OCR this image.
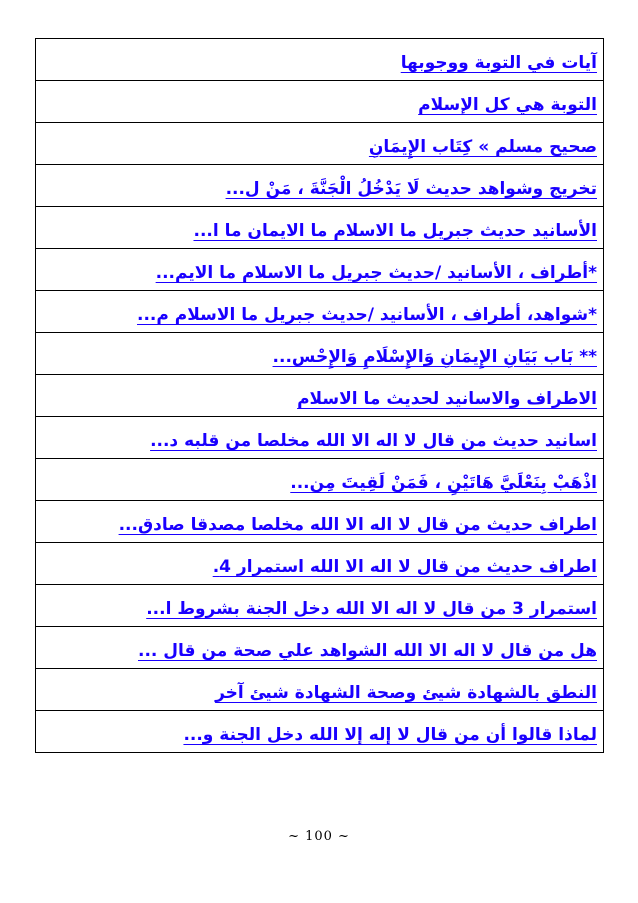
آيات في التوبة ووجوبها
التوبة هي كل الإسلام
صحيح مسلم » كِتَاب الإِيمَانِ
تخريج وشواهد حديث لَا يَدْخُلُ الْجَنَّةَ ، مَنْ ل...
الأسانيد حديث جبريل ما الاسلام ما الايمان ما ا...
*أطراف ، الأسانيد /حديث جبريل ما الاسلام ما الايم...
*شواهد، أطراف ، الأسانيد /حديث جبريل ما الاسلام م...
** بَاب بَيَانِ الإِيمَانِ وَالإِسْلَامِ وَالإِحْس...
الاطراف والاسانيد لحديث ما الاسلام
اسانيد حديث من قال لا اله الا الله مخلصا من قلبه د...
اذْهَبْ بِنَعْلَيَّ هَاتَيْنِ ، فَمَنْ لَقِيتَ مِن...
اطراف حديث من قال لا اله الا الله مخلصا مصدقا صادق...
اطراف حديث من قال لا اله الا الله استمرار 4.
استمرار 3 من قال لا اله الا الله دخل الجنة بشروط ا...
هل من قال لا اله الا الله الشواهد علي صحة من قال ...
النطق بالشهادة شيئ وصحة الشهادة شيئ آخر
لماذا قالوا أن من قال لا إله إلا الله دخل الجنة و...
~ 100 ~
